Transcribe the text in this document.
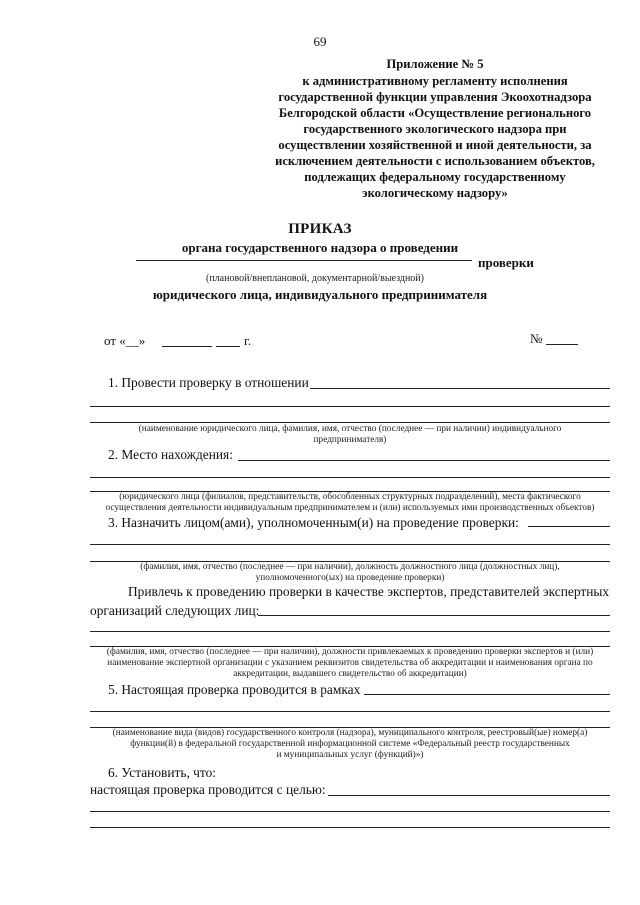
69
Приложение № 5
к административному регламенту исполнения
государственной функции управления Экоохотнадзора
Белгородской области «Осуществление регионального
государственного экологического надзора при
осуществлении хозяйственной и иной деятельности, за
исключением деятельности с использованием объектов,
подлежащих федеральному государственному
экологическому надзору»
ПРИКАЗ
органа государственного надзора о проведении
проверки
(плановой/внеплановой, документарной/выездной)
юридического лица, индивидуального предпринимателя
от «__»	г.	№
1. Провести проверку в отношении
(наименование юридического лица, фамилия, имя, отчество (последнее — при наличии) индивидуального
предпринимателя)
2. Место нахождения:
(юридического лица (филиалов, представительств, обособленных структурных подразделений), места фактического
осуществления деятельности индивидуальным предпринимателем и (или) используемых ими производственных объектов)
3. Назначить лицом(ами), уполномоченным(и) на проведение проверки:
(фамилия, имя, отчество (последнее — при наличии), должность должностного лица (должностных лиц),
уполномоченного(ых) на проведение проверки)
Привлечь к проведению проверки в качестве экспертов, представителей экспертных
организаций следующих лиц:
(фамилия, имя, отчество (последнее — при наличии), должности привлекаемых к проведению проверки экспертов и (или)
наименование экспертной организации с указанием реквизитов свидетельства об аккредитации и наименования органа по
аккредитации, выдавшего свидетельство об аккредитации)
5. Настоящая проверка проводится в рамках
(наименование вида (видов) государственного контроля (надзора), муниципального контроля, реестровый(ые) номер(а)
функции(й) в федеральной государственной информационной системе «Федеральный реестр государственных
и муниципальных услуг (функций)»)
6. Установить, что:
настоящая проверка проводится с целью:
